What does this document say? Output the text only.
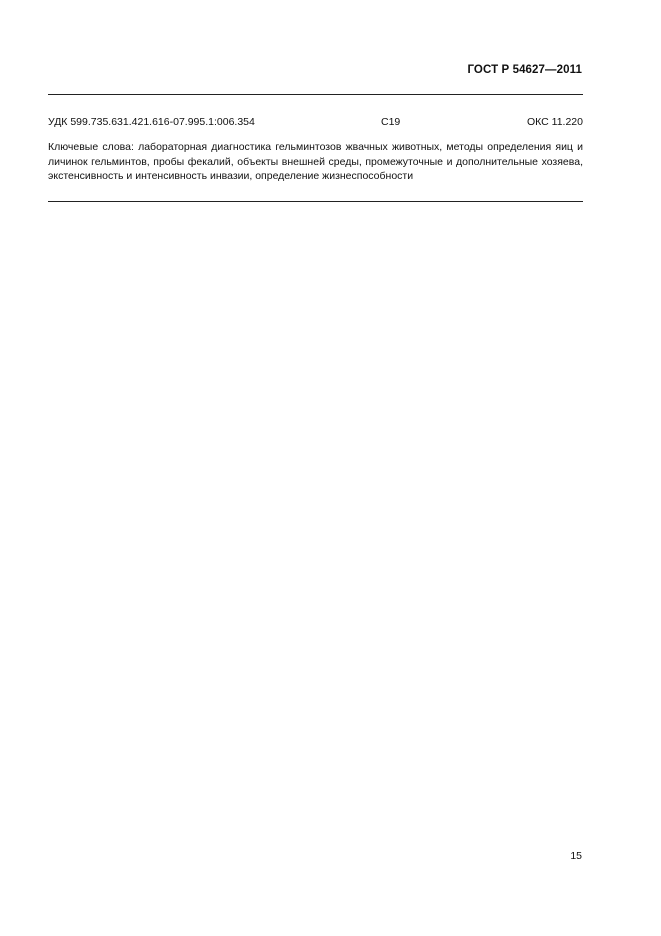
ГОСТ Р 54627—2011
УДК 599.735.631.421.616-07.995.1:006.354	С19	ОКС 11.220
Ключевые слова: лабораторная диагностика гельминтозов жвачных животных, методы определения яиц и личинок гельминтов, пробы фекалий, объекты внешней среды, промежуточные и дополнительные хозяева, экстенсивность и интенсивность инвазии, определение жизнеспособности
15
